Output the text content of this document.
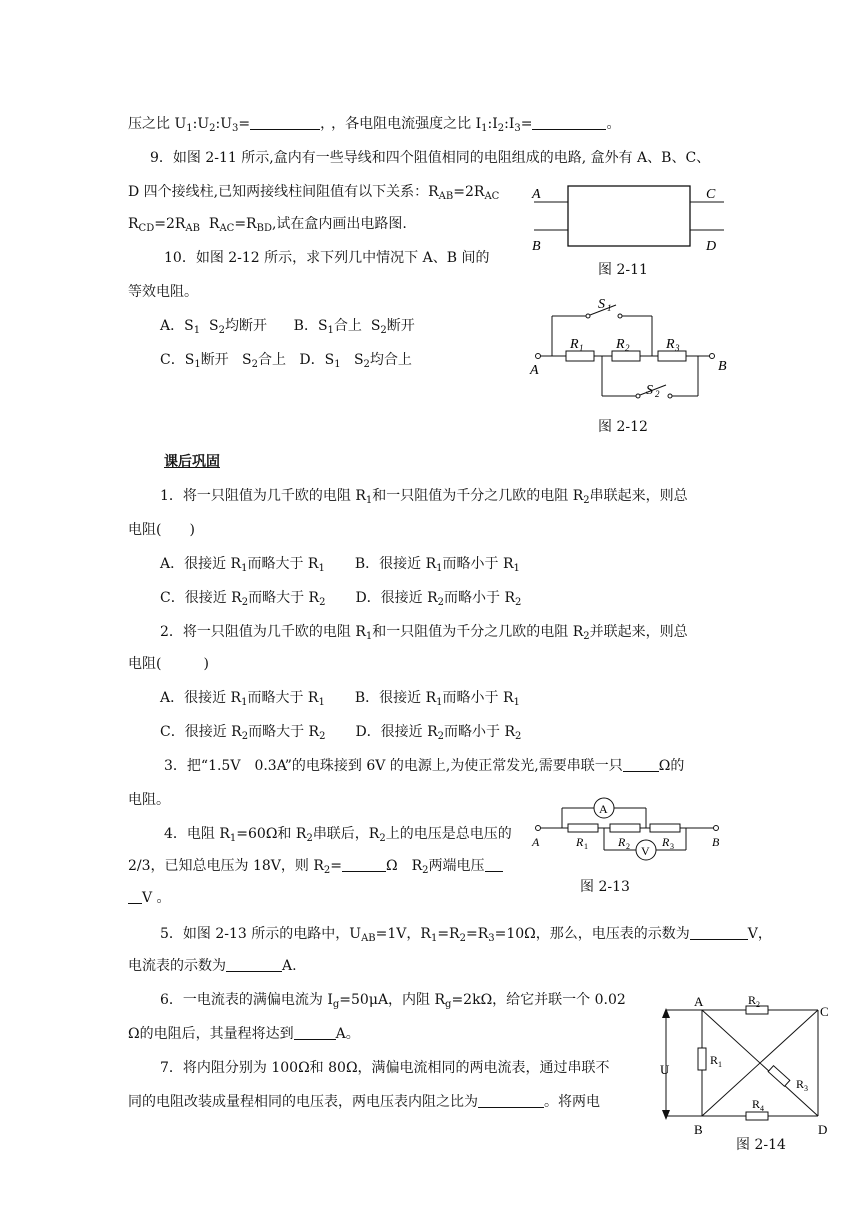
压之比 $U_1:U_2:U_3=$	， ，各电阻电流强度之比 $I_1:I_2:I_3=$	。
9．如图 2-11 所示,盒内有一些导线和四个阻值相同的电阻组成的电路, 盒外有 A、B、C、
D 四个接线柱,已知两接线柱间阻值有以下关系：$R_{AB}=2R_{AC}$
$R_{CD}=2R_{AB}$ $R_{AC}=R_{BD}$,试在盒内画出电路图.
A
B
C
D
图 2-11
10．如图 2-12 所示，求下列几中情况下 A、B 间的
等效电阻。
A．$S_1$ $S_2$均断开 B．$S_1$合上 $S_2$断开
C．$S_1$断开 $S_2$合上 D．$S_1$ $S_2$均合上
S 1
S 2
R 1 R 2	R 3
A	B
图 2-12
课后巩固
1．将一只阻值为几千欧的电阻 $R_1$和一只阻值为千分之几欧的电阻 $R_2$串联起来，则总
电阻(　　)
A．很接近 $R_1$而略大于 $R_1$ B．很接近 $R_1$而略小于 $R_1$
C．很接近 $R_2$而略大于 $R_2$ D．很接近 $R_2$而略小于 $R_2$
2．将一只阻值为几千欧的电阻 $R_1$和一只阻值为千分之几欧的电阻 $R_2$并联起来，则总
电阻(　　　)
A．很接近 $R_1$而略大于 $R_1$ B．很接近 $R_1$而略小于 $R_1$
C．很接近 $R_2$而略大于 $R_2$ D．很接近 $R_2$而略小于 $R_2$
3．把“1.5V　0.3A”的电珠接到 6V 的电源上,为使正常发光,需要串联一只	Ω的
电阻。
4．电阻 $R_1=60\Omega$和 $R_2$串联后，$R_2$上的电压是总电压的
2/3，已知总电压为 18V，则 $R_2=$	Ω　$R_2$两端电压
V 。
A
V
R 1	R 2	R 3
A	B
图 2-13
5．如图 2-13 所示的电路中，$U_{AB}=1V$，$R_1=R_2=R_3=10\Omega$，那么，电压表的示数为	V，
电流表的示数为	A.
6．一电流表的满偏电流为 $I_g=50\mu A$，内阻 $R_g=2k\Omega$，给它并联一个 0.02
Ω的电阻后，其量程将达到	A。
7．将内阻分别为 100Ω和 80Ω，满偏电流相同的两电流表，通过串联不
同的电阻改装成量程相同的电压表，两电压表内阻之比为	。将两电
U
A
C
B	D
R 2
R 1
R 3
R 4
图 2-14
